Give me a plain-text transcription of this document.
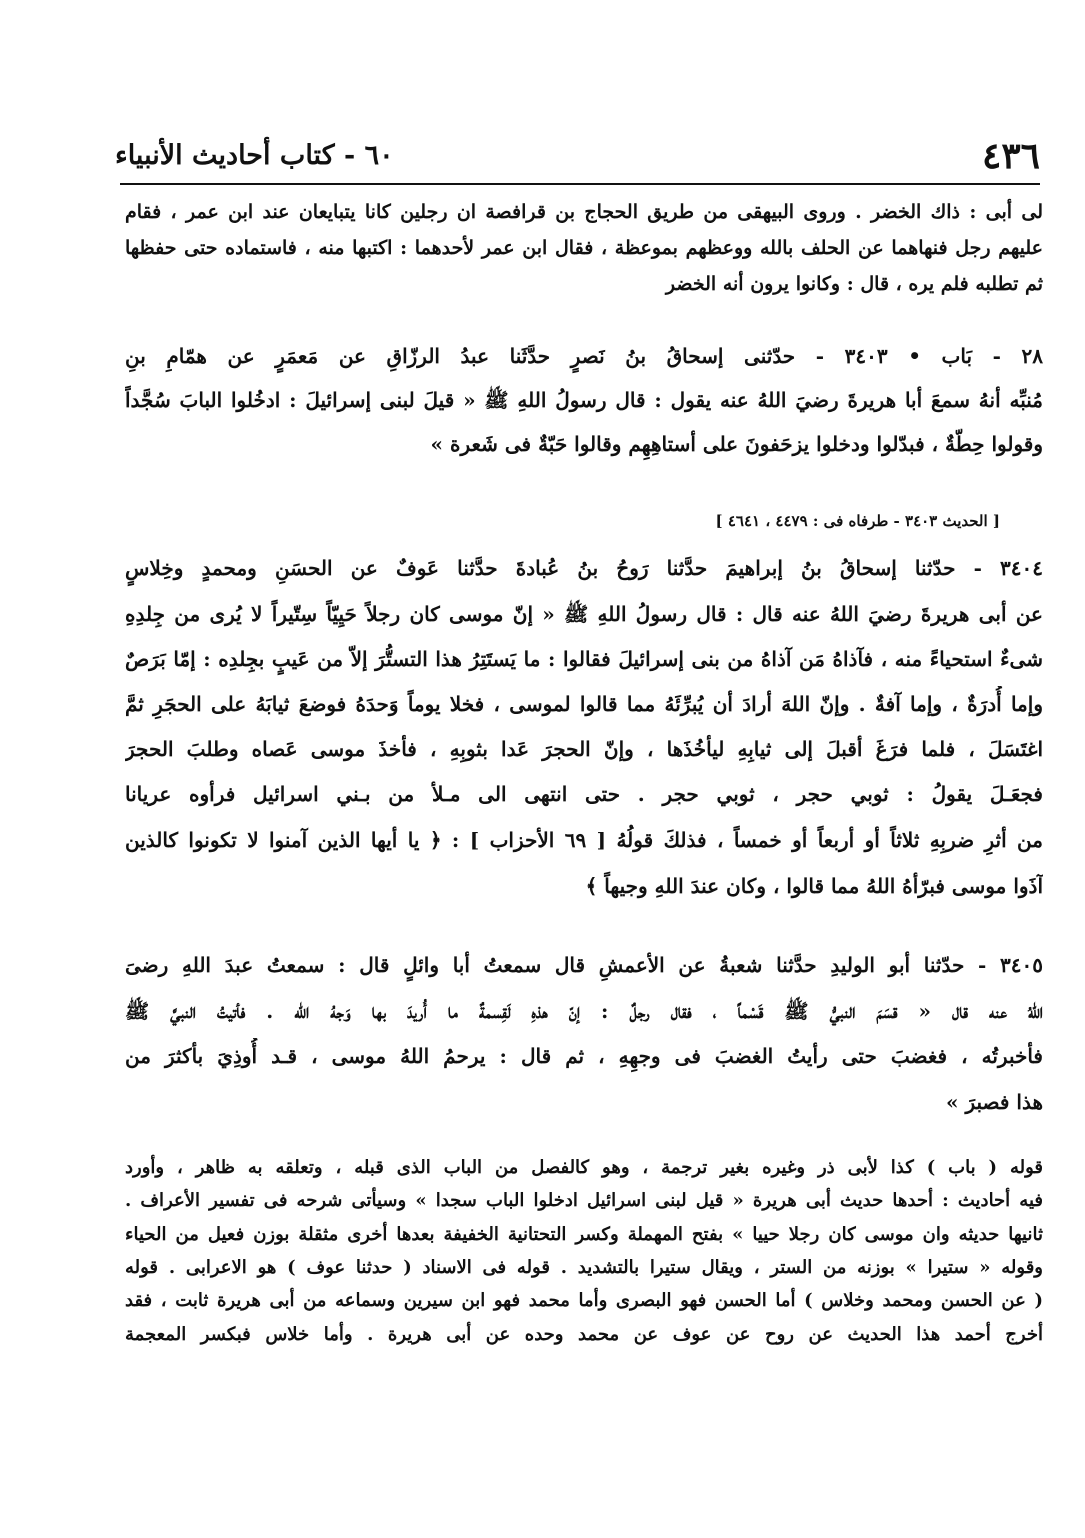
٤٣٦
٦٠ - كتاب أحاديث الأنبياء
لى أبى : ذاك الخضر . وروى البيهقى من طريق الحجاج بن قرافصة ان رجلين كانا يتبايعان عند ابن عمر ، فقام
عليهم رجل فنهاهما عن الحلف بالله ووعظهم بموعظة ، فقال ابن عمر لأحدهما : اكتبها منه ، فاستماده حتى حفظها
ثم تطلبه فلم يره ، قال : وكانوا يرون أنه الخضر
٢٨ - بَاب • ٣٤٠٣ - حدّثنى إسحاقُ بنُ نَصرٍ حدَّثَنا عبدُ الرزّاقِ عن مَعمَرٍ عن همّامِ بنِ
مُنبِّه أنهُ سمعَ أبا هريرةَ رضيَ اللهُ عنه يقول : قال رسولُ اللهِ ﷺ « قيلَ لبنى إسرائيلَ : ادخُلوا البابَ سُجَّداً
وقولوا حِطّةٌ ، فبدّلوا ودخلوا يزحَفونَ على أستاهِهِم وقالوا حَبّةٌ فى شَعرة »
[ الحديث ٣٤٠٣ - طرفاه فى : ٤٤٧٩ ، ٤٦٤١ ]
٣٤٠٤ - حدّثنا إسحاقُ بنُ إبراهيمَ حدَّثنا رَوحُ بنُ عُبادةَ حدَّثنا عَوفٌ عن الحسَنِ ومحمدٍ وخِلاسٍ
عن أبى هريرةَ رضيَ اللهُ عنه قال : قال رسولُ اللهِ ﷺ « إنّ موسى كان رجلاً حَيِيّاً سِتّيراً لا يُرى من جِلدِهِ
شىءٌ استحياءً منه ، فآذاهُ مَن آذاهُ من بنى إسرائيلَ فقالوا : ما يَستَتِرُ هذا التستُّرَ إلاّ من عَيبٍ بجِلدِه : إمّا بَرَصٌ
وإما أُدرَةٌ ، وإما آفةٌ . وإنّ اللهَ أرادَ أن يُبرِّئَهُ مما قالوا لموسى ، فخلا يوماً وَحدَهُ فوضعَ ثيابَهُ على الحجَرِ ثمَّ
اغتَسَلَ ، فلما فرَغَ أقبلَ إلى ثيابِهِ ليأخُذَها ، وإنّ الحجرَ عَدا بثوبِهِ ، فأخذَ موسى عَصاه وطلبَ الحجرَ
فجعَـلَ يقولُ : ثوبي حجر ، ثوبي حجر . حتى انتهى الى مـلأ من بـني اسرائيل فرأوه عريانا
من أثرِ ضربِهِ ثلاثاً أو أربعاً أو خمساً ، فذلكَ قولُهُ [ ٦٩ الأحزاب ] : ﴿ يا أيها الذين آمنوا لا تكونوا كالذين
آذَوا موسى فبرّأهُ اللهُ مما قالوا ، وكان عندَ اللهِ وجيهاً ﴾
٣٤٠٥ - حدّثنا أبو الوليدِ حدَّثنا شعبةُ عن الأعمشِ قال سمعتُ أبا وائلٍ قال : سمعتُ عبدَ اللهِ رضىَ
اللهُ عنه قال « قسَمَ النبيُّ ﷺ قَسْماً ، فقال رجلٌ : إنّ هذهِ لَقِسمةٌ ما أُريدَ بها وَجهُ الله . فأتيتُ النبيَّ ﷺ
فأخبرتُه ، فغضبَ حتى رأيتُ الغضبَ فى وجهِهِ ، ثم قال : يرحمُ اللهُ موسى ، قـد أُوذِيَ بأكثرَ من
هذا فصبرَ »
قوله ( باب ) كذا لأبى ذر وغيره بغير ترجمة ، وهو كالفصل من الباب الذى قبله ، وتعلقه به ظاهر ، وأورد
فيه أحاديث : أحدها حديث أبى هريرة « قيل لبنى اسرائيل ادخلوا الباب سجدا » وسيأتى شرحه فى تفسير الأعراف .
ثانيها حديثه وان موسى كان رجلا حييا » بفتح المهملة وكسر التحتانية الخفيفة بعدها أخرى مثقلة بوزن فعيل من الحياء
وقوله « ستيرا » بوزنه من الستر ، ويقال ستيرا بالتشديد . قوله فى الاسناد ( حدثنا عوف ) هو الاعرابى . قوله
( عن الحسن ومحمد وخلاس ) أما الحسن فهو البصرى وأما محمد فهو ابن سيرين وسماعه من أبى هريرة ثابت ، فقد
أخرج أحمد هذا الحديث عن روح عن عوف عن محمد وحده عن أبى هريرة . وأما خلاس فبكسر المعجمة
